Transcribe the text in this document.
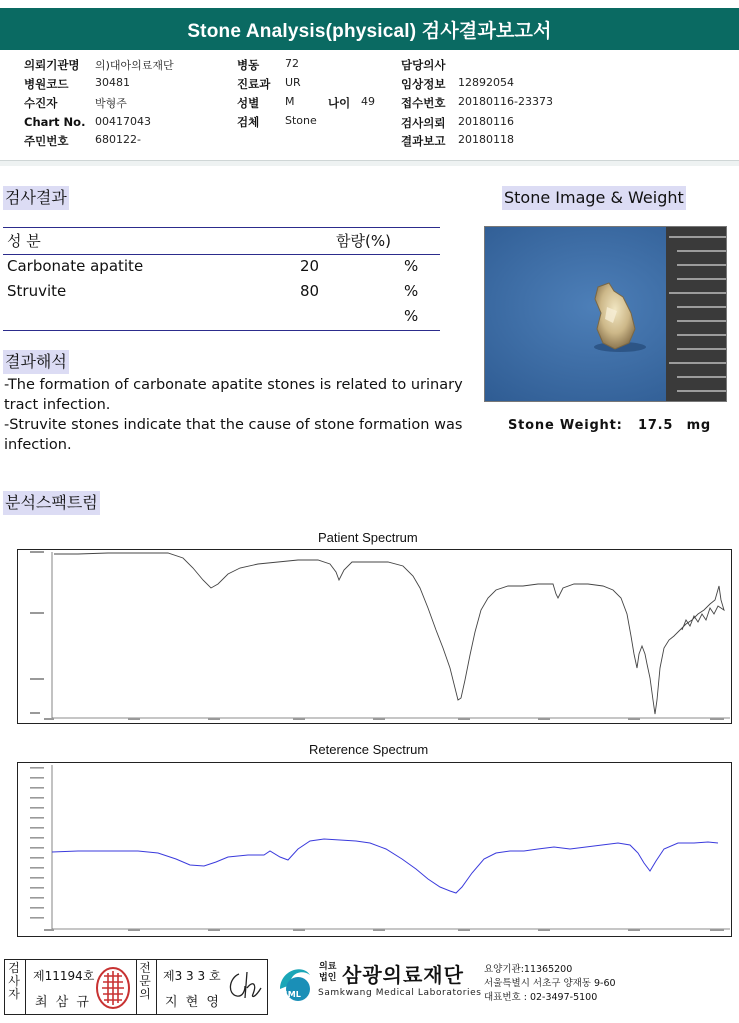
Stone Analysis(physical) 검사결과보고서
의뢰기관명 의)대아의료재단
병원코드 30481
수진자	박형주
Chart No. 00417043
주민번호 680122-
병동 72
진료과 UR
성별 M	나이 49
검체 Stone
담당의사
임상정보 12892054
접수번호 20180116-23373
검사의뢰 20180116
결과보고 20180118
검사결과
성 분	함량(%)
Carbonate apatite	20	%
Struvite	80	%
%
결과해석
-The formation of carbonate apatite stones is related to urinary tract infection.
-Struvite stones indicate that the cause of stone formation was infection.
Stone Image & Weight
Stone Weight: 17.5 mg
분석스팩트럼
Patient Spectrum
Reterence Spectrum
검사자
제11194호
최 삼 규
전문의
제3 3 3 호
지 현 영
SML
의료
법인 삼광의료재단
Samkwang Medical Laboratories
요양기관:11365200
서울특별시 서초구 양재동 9-60
대표번호 : 02-3497-5100
